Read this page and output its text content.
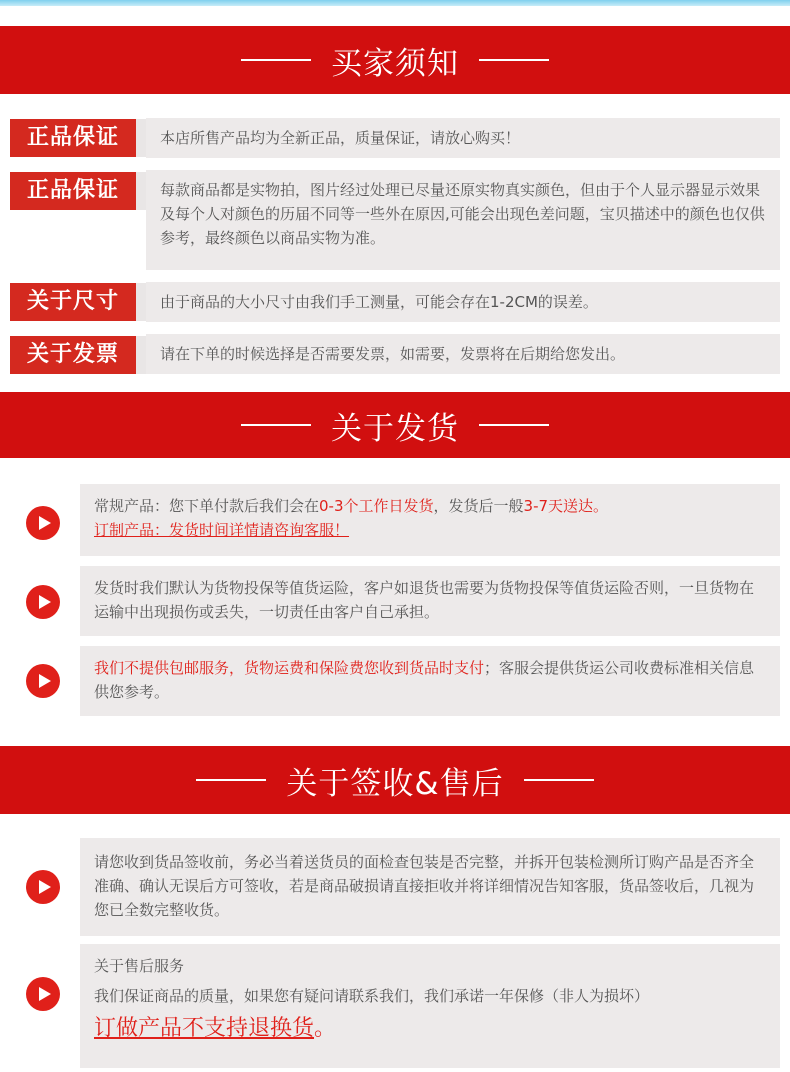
买家须知
正品保证	本店所售产品均为全新正品，质量保证，请放心购买！
正品保证	每款商品都是实物拍，图片经过处理已尽量还原实物真实颜色，但由于个人显示器显示效果及每个人对颜色的历届不同等一些外在原因,可能会出现色差问题，宝贝描述中的颜色也仅供参考，最终颜色以商品实物为准。
关于尺寸	由于商品的大小尺寸由我们手工测量，可能会存在1-2CM的误差。
关于发票	请在下单的时候选择是否需要发票，如需要，发票将在后期给您发出。
关于发货
常规产品：您下单付款后我们会在0-3个工作日发货，发货后一般3-7天送达。
订制产品：发货时间详情请咨询客服！
发货时我们默认为货物投保等值货运险，客户如退货也需要为货物投保等值货运险否则，一旦货物在运输中出现损伤或丢失，一切责任由客户自己承担。
我们不提供包邮服务，货物运费和保险费您收到货品时支付；客服会提供货运公司收费标准相关信息供您参考。
关于签收&售后
请您收到货品签收前，务必当着送货员的面检查包装是否完整，并拆开包装检测所订购产品是否齐全准确、确认无误后方可签收，若是商品破损请直接拒收并将详细情况告知客服，货品签收后，几视为您已全数完整收货。
关于售后服务
我们保证商品的质量，如果您有疑问请联系我们，我们承诺一年保修（非人为损坏）
订做产品不支持退换货。
